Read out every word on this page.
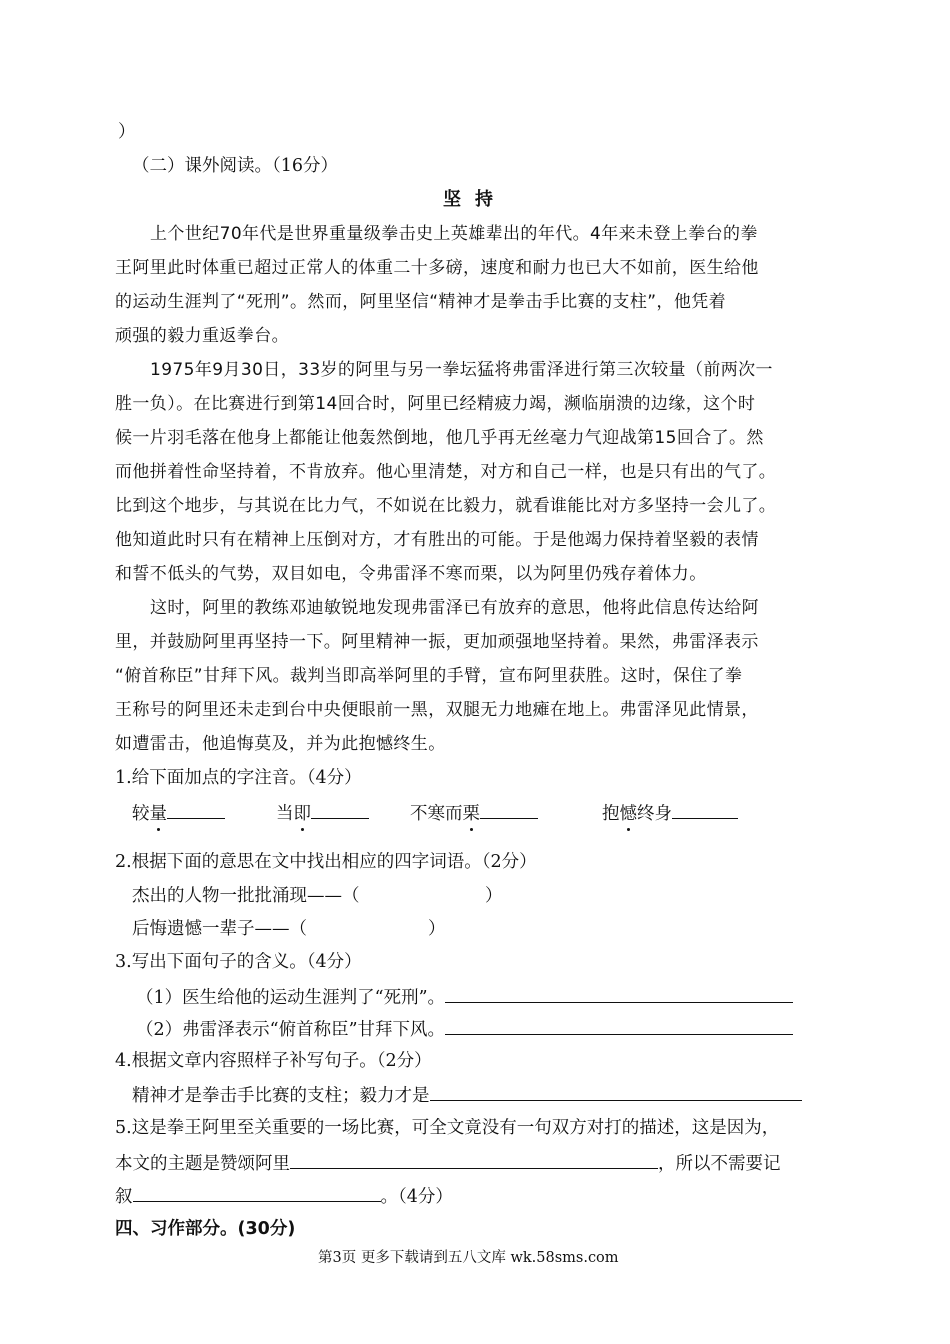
）
（二）课外阅读。（16分）
坚持
上个世纪70年代是世界重量级拳击史上英雄辈出的年代。4年来未登上拳台的拳
王阿里此时体重已超过正常人的体重二十多磅，速度和耐力也已大不如前，医生给他
的运动生涯判了“死刑”。然而，阿里坚信“精神才是拳击手比赛的支柱”，他凭着
顽强的毅力重返拳台。
1975年9月30日，33岁的阿里与另一拳坛猛将弗雷泽进行第三次较量（前两次一
胜一负）。在比赛进行到第14回合时，阿里已经精疲力竭，濒临崩溃的边缘，这个时
候一片羽毛落在他身上都能让他轰然倒地，他几乎再无丝毫力气迎战第15回合了。然
而他拼着性命坚持着，不肯放弃。他心里清楚，对方和自己一样，也是只有出的气了。
比到这个地步，与其说在比力气，不如说在比毅力，就看谁能比对方多坚持一会儿了。
他知道此时只有在精神上压倒对方，才有胜出的可能。于是他竭力保持着坚毅的表情
和誓不低头的气势，双目如电，令弗雷泽不寒而栗，以为阿里仍残存着体力。
这时，阿里的教练邓迪敏锐地发现弗雷泽已有放弃的意思，他将此信息传达给阿
里，并鼓励阿里再坚持一下。阿里精神一振，更加顽强地坚持着。果然，弗雷泽表示
“俯首称臣”甘拜下风。裁判当即高举阿里的手臂，宣布阿里获胜。这时，保住了拳
王称号的阿里还未走到台中央便眼前一黑，双腿无力地瘫在地上。弗雷泽见此情景，
如遭雷击，他追悔莫及，并为此抱憾终生。
1.给下面加点的字注音。（4分）
较量	当即	不寒而栗	抱憾终身
2.根据下面的意思在文中找出相应的四字词语。（2分）
杰出的人物一批批涌现——（	）
后悔遗憾一辈子——（	）
3.写出下面句子的含义。（4分）
（1）医生给他的运动生涯判了“死刑”。
（2）弗雷泽表示“俯首称臣”甘拜下风。
4.根据文章内容照样子补写句子。（2分）
精神才是拳击手比赛的支柱；毅力才是
5.这是拳王阿里至关重要的一场比赛，可全文竟没有一句双方对打的描述，这是因为，
本文的主题是赞颂阿里	，所以不需要记
叙	。（4分）
四、习作部分。(30分)
第3页 更多下载请到五八文库 wk.58sms.com
